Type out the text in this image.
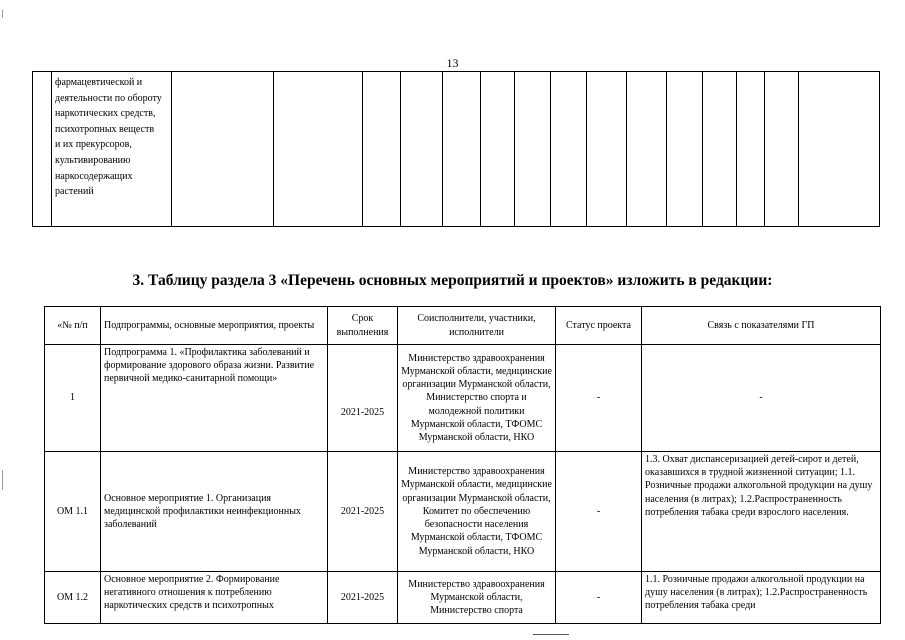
13
фармацевтической и
деятельности по обороту
наркотических средств,
психотропных веществ
и их прекурсоров,
культивированию
наркосодержащих
растений
3. Таблицу раздела 3 «Перечень основных мероприятий и проектов» изложить в редакции:
«№ п/п	Подпрограммы, основные мероприятия, проекты	Срок выполнения	Соисполнители, участники, исполнители	Статус проекта	Связь с показателями ГП
1	Подпрограмма 1. «Профилактика заболеваний и формирование здорового образа жизни. Развитие первичной медико-санитарной помощи»	2021-2025	Министерство здравоохранения Мурманской области, медицинские организации Мурманской области, Министерство спорта и молодежной политики Мурманской области, ТФОМС Мурманской области, НКО	-	-
ОМ 1.1	Основное мероприятие 1. Организация медицинской профилактики неинфекционных заболеваний	2021-2025	Министерство здравоохранения Мурманской области, медицинские организации Мурманской области, Комитет по обеспечению безопасности населения Мурманской области, ТФОМС Мурманской области, НКО	-	1.3. Охват диспансеризацией детей-сирот и детей, оказавшихся в трудной жизненной ситуации; 1.1. Розничные продажи алкогольной продукции на душу населения (в литрах); 1.2.Распространенность потребления табака среди взрослого населения.
ОМ 1.2	Основное мероприятие 2. Формирование негативного отношения к потреблению наркотических средств и психотропных	2021-2025	Министерство здравоохранения Мурманской области, Министерство спорта	-	1.1. Розничные продажи алкогольной продукции на душу населения (в литрах); 1.2.Распространенность потребления табака среди
